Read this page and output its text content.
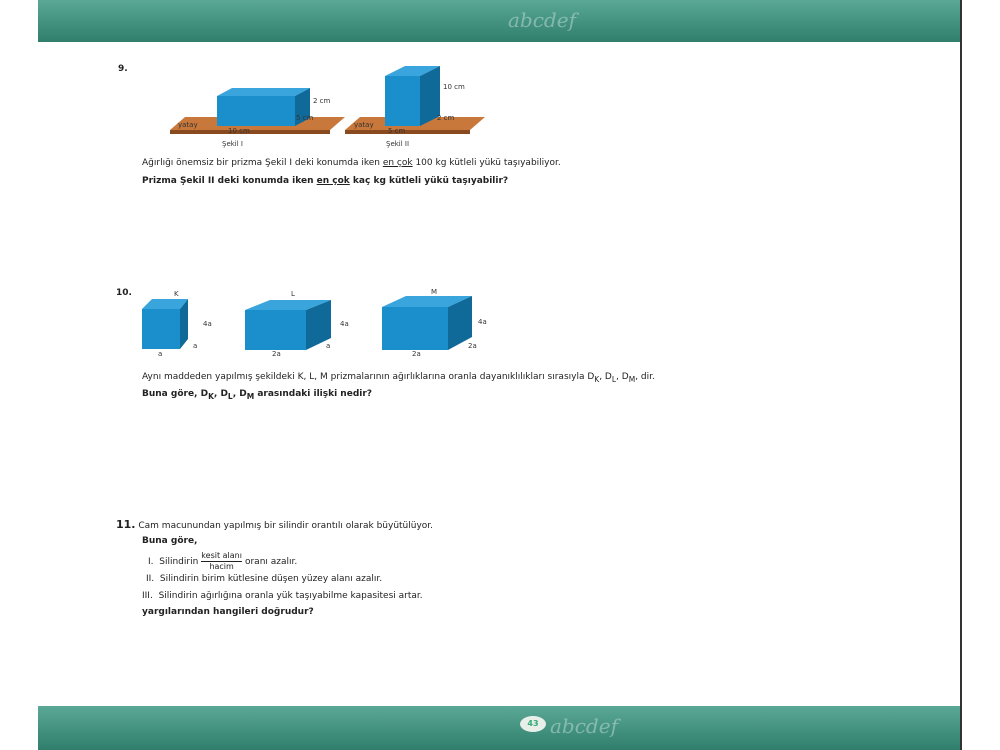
abcdef
9.
2 cm
5 cm
10 cm
yatay
Şekil I
10 cm
2 cm
5 cm
yatay
Şekil II
Ağırlığı önemsiz bir prizma Şekil I deki konumda iken en çok 100 kg kütleli yükü taşıyabiliyor.
Prizma Şekil II deki konumda iken en çok kaç kg kütleli yükü taşıyabilir?
10.	K
4a
a
a
L
4a
a
2a
M
4a
2a
2a
Aynı maddeden yapılmış şekildeki K, L, M prizmalarının ağırlıklarına oranla dayanıklılıkları sırasıyla $D_K$, $D_L$, $D_M$, dir.
Buna göre, $D_K$, $D_L$, $D_M$ arasındaki ilişki nedir?
11. Cam macunundan yapılmış bir silindir orantılı olarak büyütülüyor.
Buna göre,
I. Silindirin $\frac{\text{kesit alanı}}{\text{hacim}}$ oranı azalır.
II. Silindirin birim kütlesine düşen yüzey alanı azalır.
III. Silindirin ağırlığına oranla yük taşıyabilme kapasitesi artar.
yargılarından hangileri doğrudur?
43 abcdef
